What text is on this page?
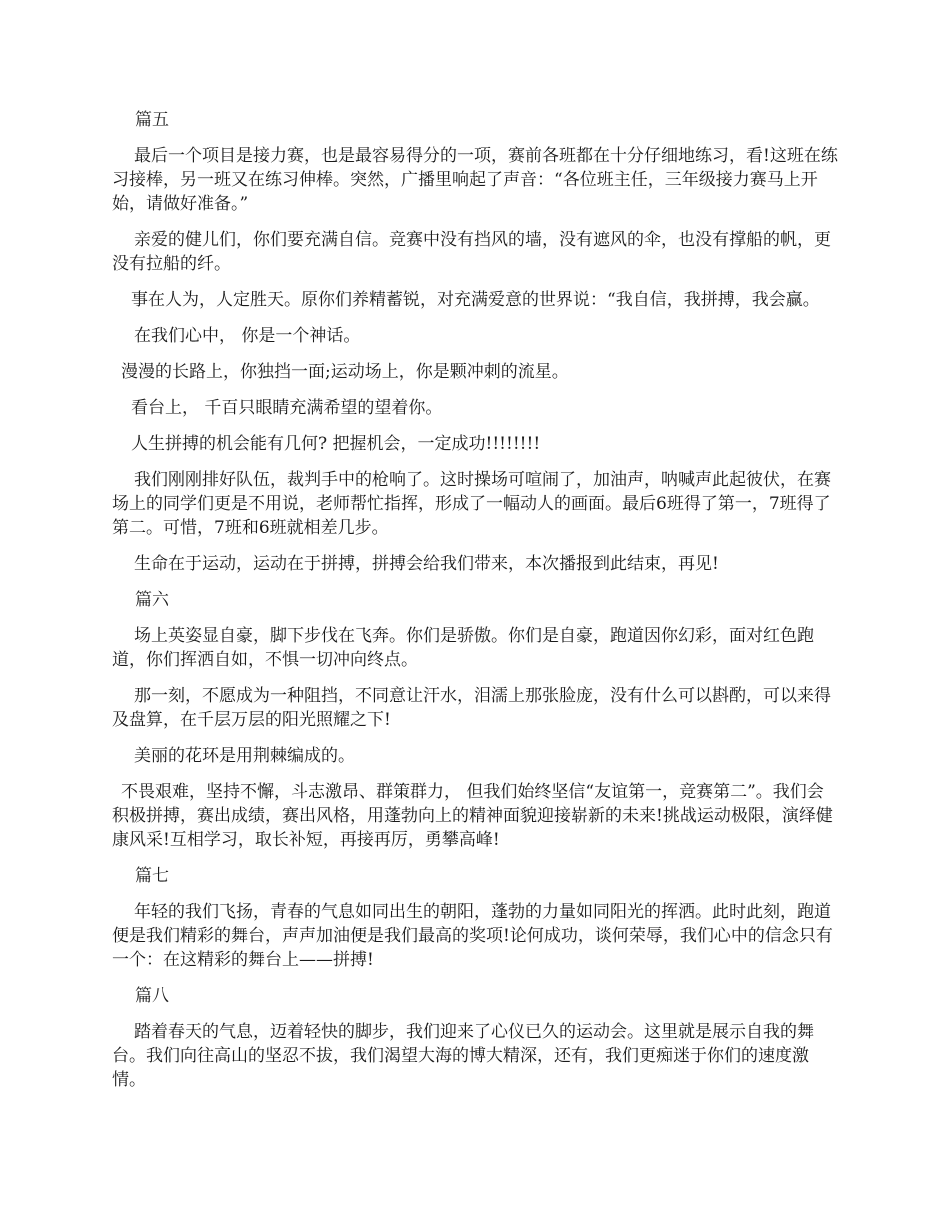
篇五

最后一个项目是接力赛，也是最容易得分的一项，赛前各班都在十分仔细地练习，看!这班在练习接棒，另一班又在练习伸棒。突然，广播里响起了声音：“各位班主任，三年级接力赛马上开始，请做好准备。”

亲爱的健儿们，你们要充满自信。竞赛中没有挡风的墙，没有遮风的伞，也没有撑船的帆，更没有拉船的纤。

事在人为，人定胜天。原你们养精蓄锐，对充满爱意的世界说：“我自信，我拼搏，我会赢。

在我们心中， 你是一个神话。

漫漫的长路上，你独挡一面;运动场上，你是颗冲刺的流星。

看台上， 千百只眼睛充满希望的望着你。

人生拼搏的机会能有几何? 把握机会，一定成功!!!!!!!!

我们刚刚排好队伍，裁判手中的枪响了。这时操场可喧闹了，加油声，呐喊声此起彼伏，在赛场上的同学们更是不用说，老师帮忙指挥，形成了一幅动人的画面。最后6班得了第一，7班得了第二。可惜，7班和6班就相差几步。

生命在于运动，运动在于拼搏，拼搏会给我们带来，本次播报到此结束，再见!

篇六

场上英姿显自豪，脚下步伐在飞奔。你们是骄傲。你们是自豪，跑道因你幻彩，面对红色跑道，你们挥洒自如，不惧一切冲向终点。

那一刻，不愿成为一种阻挡，不同意让汗水，泪濡上那张脸庞，没有什么可以斟酌，可以来得及盘算，在千层万层的阳光照耀之下!

美丽的花环是用荆棘编成的。

不畏艰难，坚持不懈，斗志激昂、群策群力， 但我们始终坚信“友谊第一，竞赛第二”。我们会积极拼搏，赛出成绩，赛出风格，用蓬勃向上的精神面貌迎接崭新的未来!挑战运动极限，演绎健康风采!互相学习，取长补短，再接再厉，勇攀高峰!

篇七

年轻的我们飞扬，青春的气息如同出生的朝阳，蓬勃的力量如同阳光的挥洒。此时此刻，跑道便是我们精彩的舞台，声声加油便是我们最高的奖项!论何成功，谈何荣辱，我们心中的信念只有一个：在这精彩的舞台上——拼搏!

篇八

踏着春天的气息，迈着轻快的脚步，我们迎来了心仪已久的运动会。这里就是展示自我的舞台。我们向往高山的坚忍不拔，我们渴望大海的博大精深，还有，我们更痴迷于你们的速度激情。
